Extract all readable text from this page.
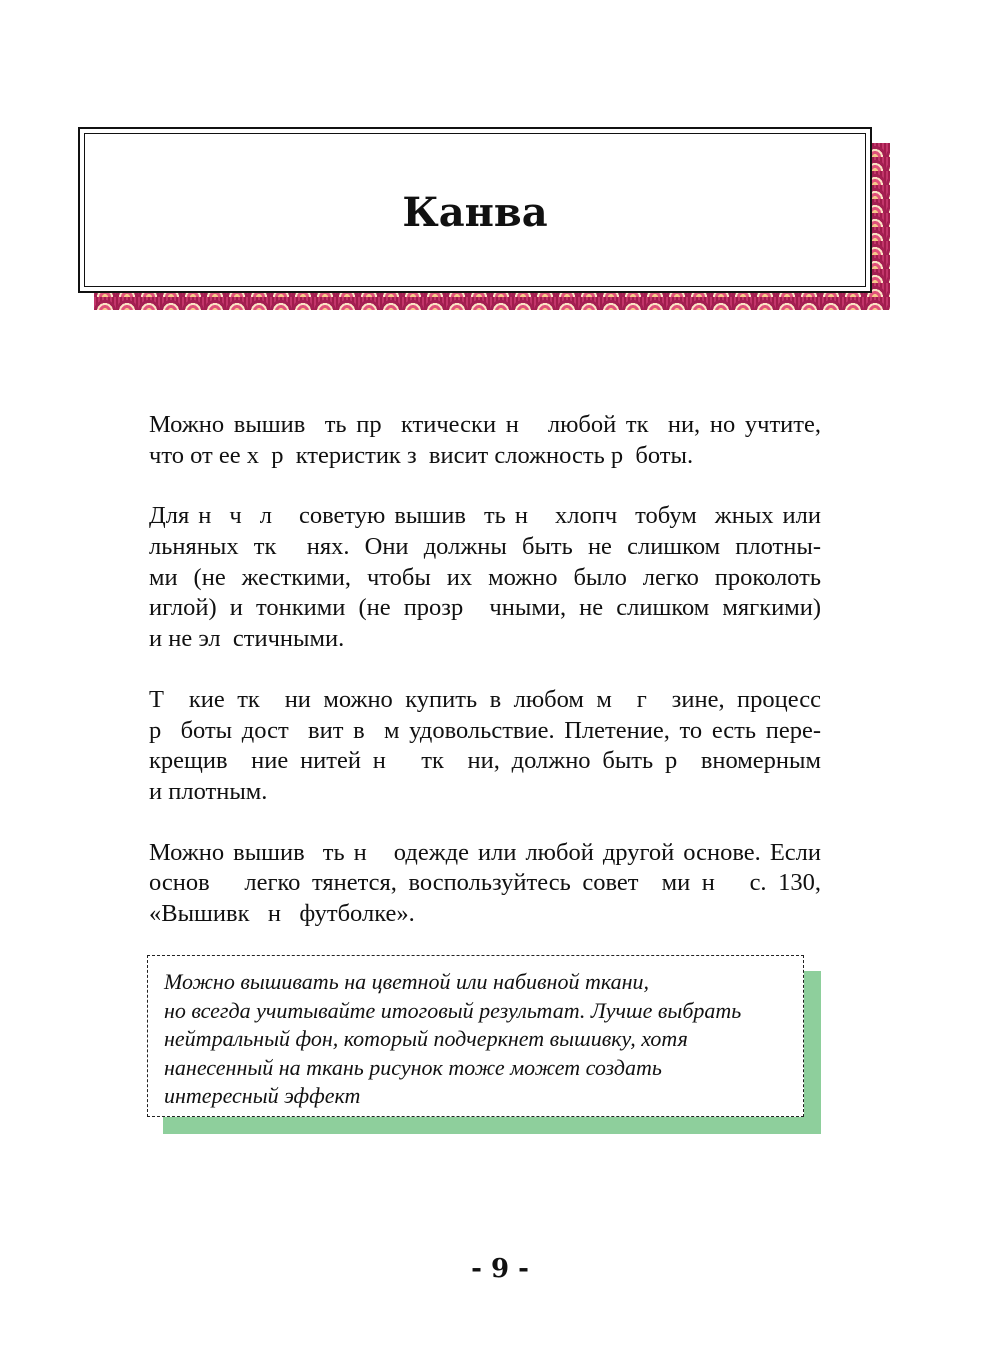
Канва

Можно вышив  ть пр  ктически н   любой тк  ни, но учтите,
что от ее х  р  ктеристик з  висит сложность р  боты.

Для н  ч  л   советую вышив  ть н   хлопч  тобум  жных или
льняных тк  нях. Они должны быть не слишком плотны-
ми (не жесткими, чтобы их можно было легко проколоть
иглой) и тонкими (не прозр  чными, не слишком мягкими)
и не эл  стичными.

Т  кие тк  ни можно купить в любом м  г  зине, процесс
р  боты дост  вит в  м удовольствие. Плетение, то есть пере-
крещив  ние нитей н   тк  ни, должно быть р  вномерным
и плотным.

Можно вышив  ть н   одежде или любой другой основе. Если
основ   легко тянется, воспользуйтесь совет  ми н   с. 130,
«Вышивк   н   футболке».

Можно вышивать на цветной или набивной ткани,
но всегда учитывайте итоговый результат. Лучше выбрать
нейтральный фон, который подчеркнет вышивку, хотя
нанесенный на ткань рисунок тоже может создать
интересный эффект
- 9 -
